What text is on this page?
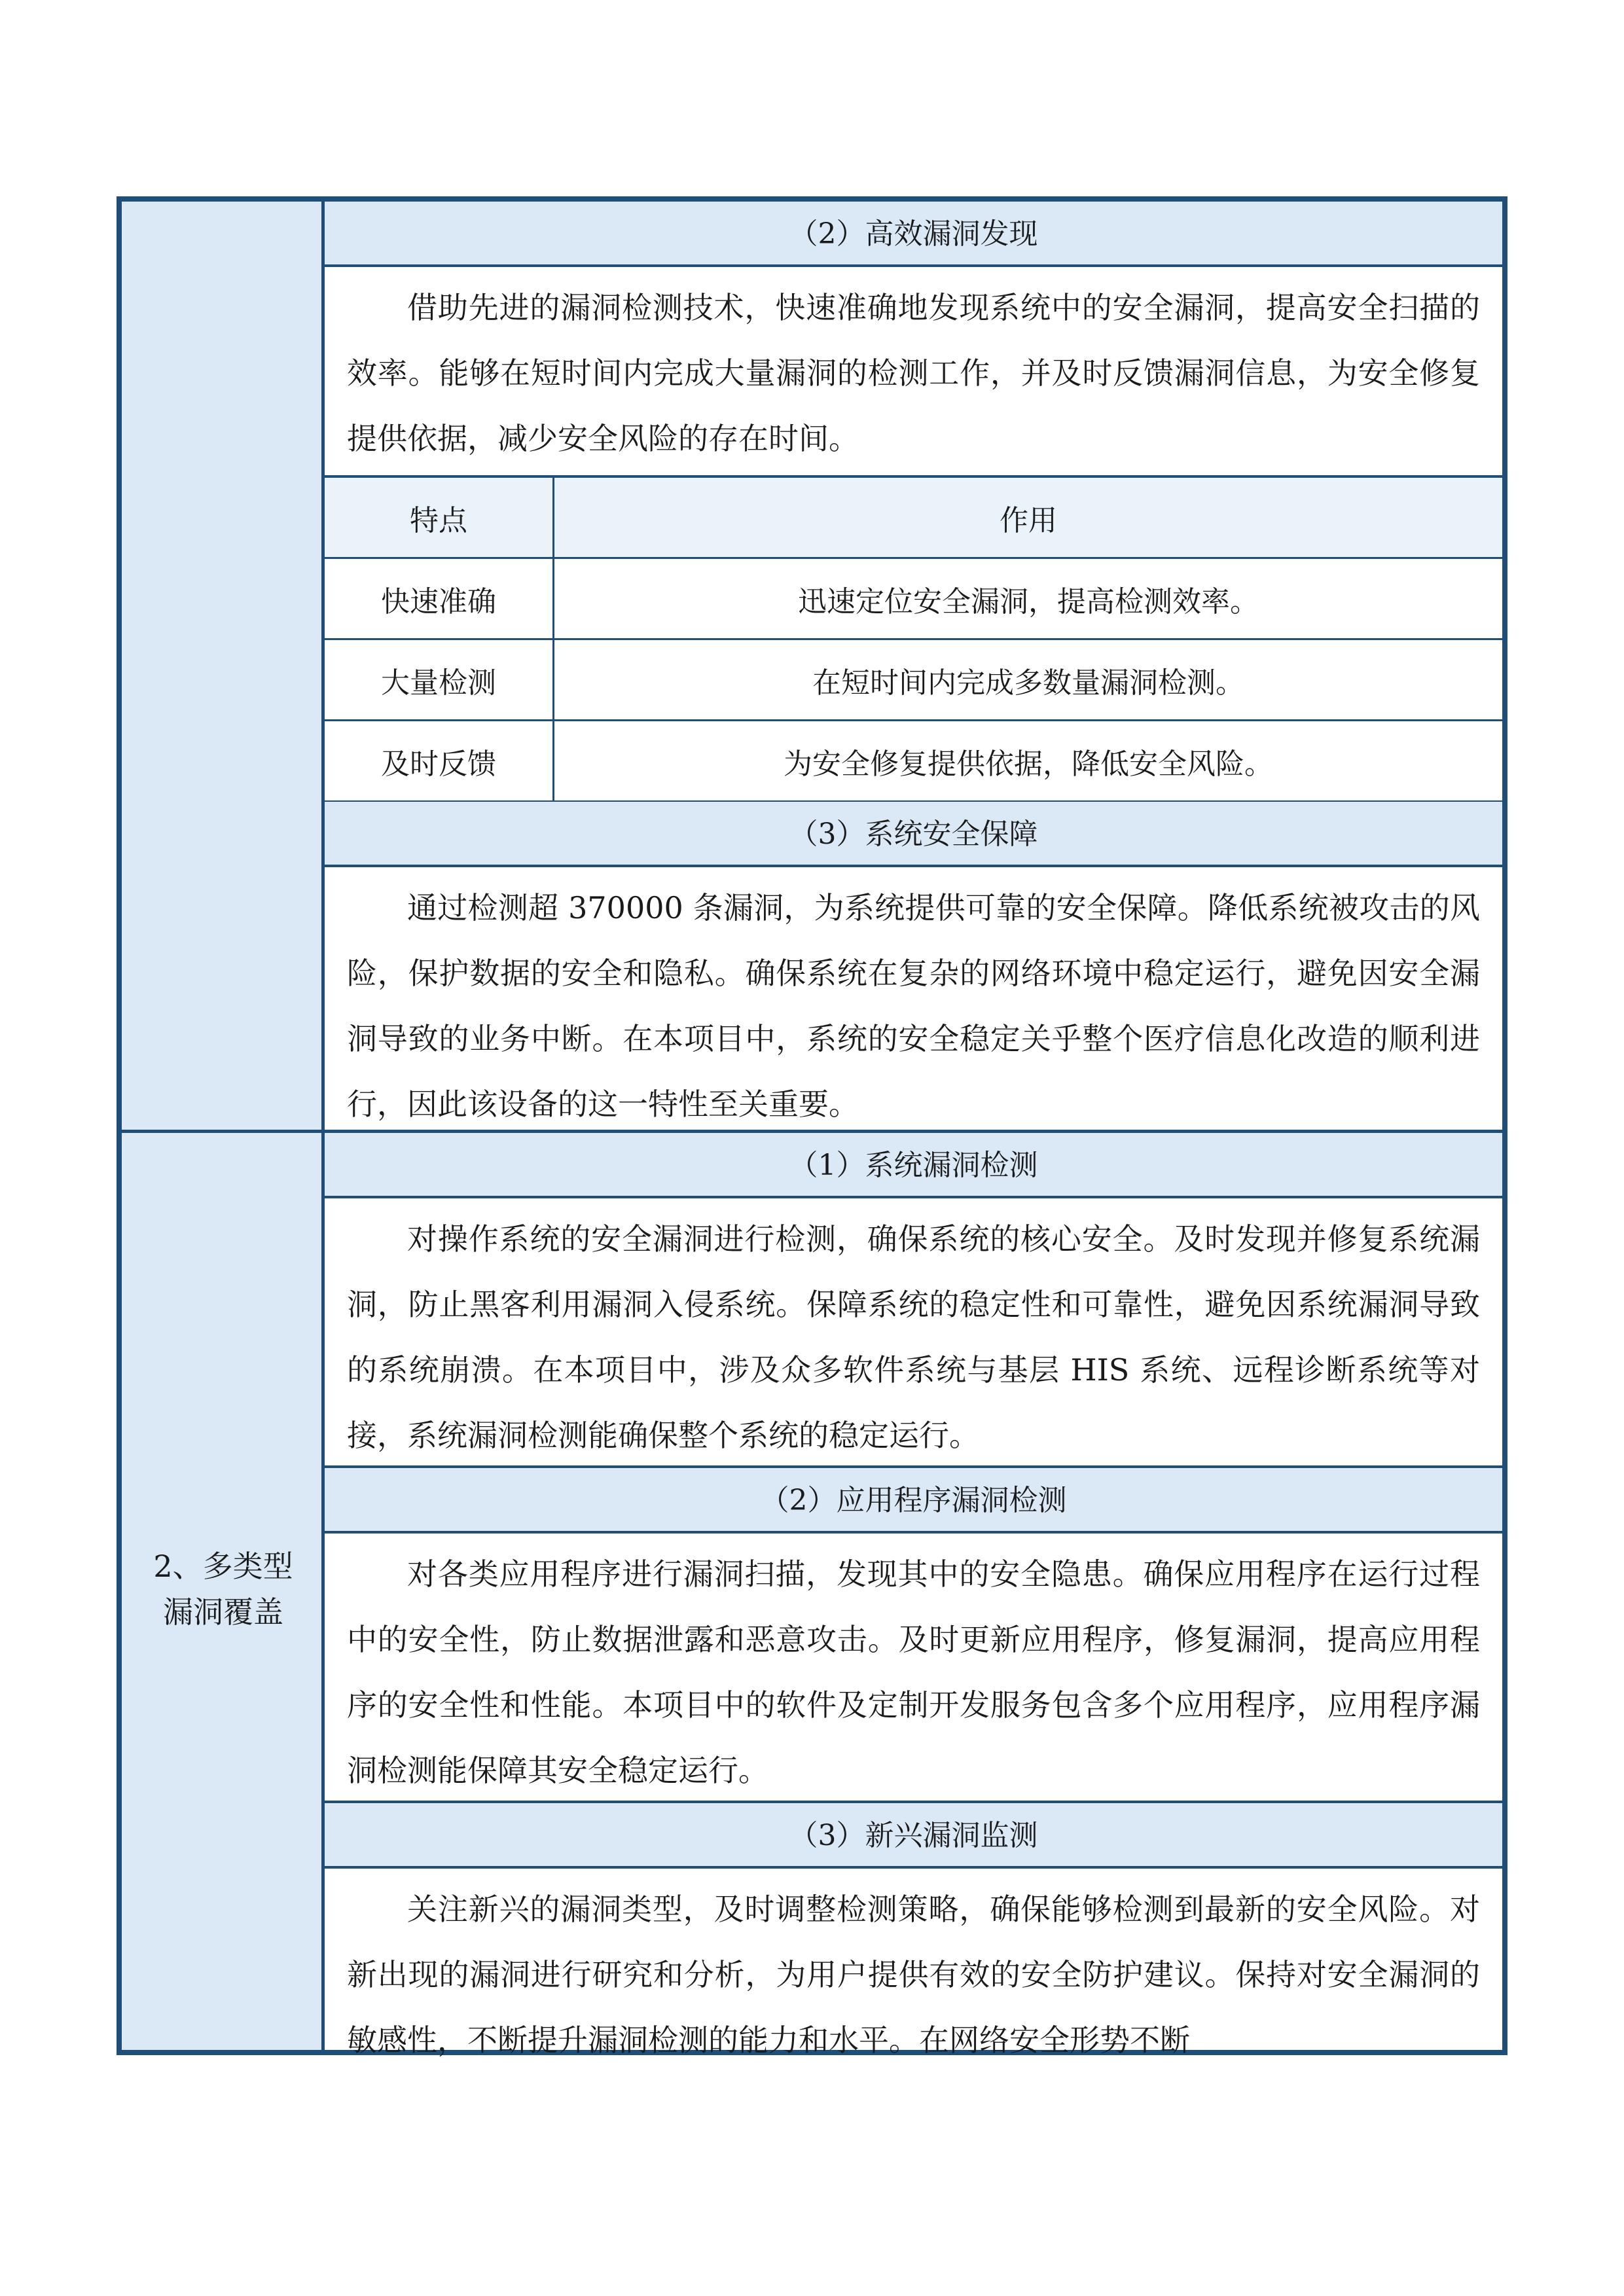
2、多类型
漏洞覆盖
（2）高效漏洞发现
借助先进的漏洞检测技术，快速准确地发现系统中的安全漏洞，提高安全扫描的效率。能够在短时间内完成大量漏洞的检测工作，并及时反馈漏洞信息，为安全修复提供依据，减少安全风险的存在时间。
特点	作用
快速准确	迅速定位安全漏洞，提高检测效率。
大量检测	在短时间内完成多数量漏洞检测。
及时反馈	为安全修复提供依据，降低安全风险。
（3）系统安全保障
通过检测超 370000 条漏洞，为系统提供可靠的安全保障。降低系统被攻击的风险，保护数据的安全和隐私。确保系统在复杂的网络环境中稳定运行，避免因安全漏洞导致的业务中断。在本项目中，系统的安全稳定关乎整个医疗信息化改造的顺利进行，因此该设备的这一特性至关重要。
（1）系统漏洞检测
对操作系统的安全漏洞进行检测，确保系统的核心安全。及时发现并修复系统漏洞，防止黑客利用漏洞入侵系统。保障系统的稳定性和可靠性，避免因系统漏洞导致的系统崩溃。在本项目中，涉及众多软件系统与基层 HIS 系统、远程诊断系统等对接，系统漏洞检测能确保整个系统的稳定运行。
（2）应用程序漏洞检测
对各类应用程序进行漏洞扫描，发现其中的安全隐患。确保应用程序在运行过程中的安全性，防止数据泄露和恶意攻击。及时更新应用程序，修复漏洞，提高应用程序的安全性和性能。本项目中的软件及定制开发服务包含多个应用程序，应用程序漏洞检测能保障其安全稳定运行。
（3）新兴漏洞监测
关注新兴的漏洞类型，及时调整检测策略，确保能够检测到最新的安全风险。对新出现的漏洞进行研究和分析，为用户提供有效的安全防护建议。保持对安全漏洞的敏感性，不断提升漏洞检测的能力和水平。在网络安全形势不断
